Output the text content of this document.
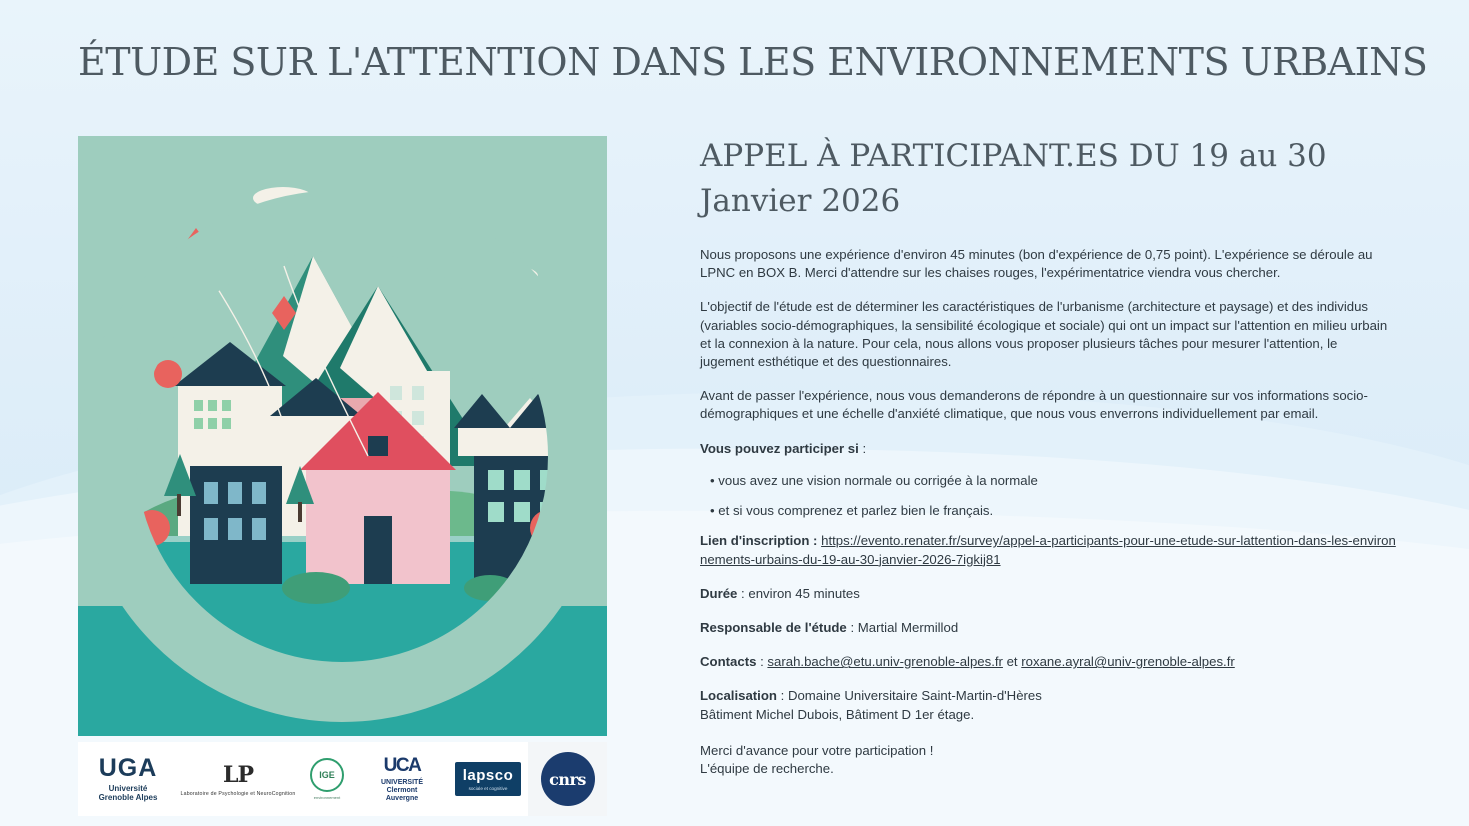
ÉTUDE SUR L'ATTENTION DANS LES ENVIRONNEMENTS URBAINS
UGA
Université
Grenoble Alpes
LP
Laboratoire de Psychologie et NeuroCognition
IGE
environnement
UCA
UNIVERSITÉ
Clermont
Auvergne
lapsco
sociale et cognitive	cnrs
APPEL À PARTICIPANT.ES DU 19 au 30 Janvier 2026

Nous proposons une expérience d'environ 45 minutes (bon d'expérience de 0,75 point). L'expérience se déroule au LPNC en BOX B. Merci d'attendre sur les chaises rouges, l'expérimentatrice viendra vous chercher.

L'objectif de l'étude est de déterminer les caractéristiques de l'urbanisme (architecture et paysage) et des individus (variables socio-démographiques, la sensibilité écologique et sociale) qui ont un impact sur l'attention en milieu urbain et la connexion à la nature. Pour cela, nous allons vous proposer plusieurs tâches pour mesurer l'attention, le jugement esthétique et des questionnaires.

Avant de passer l'expérience, nous vous demanderons de répondre à un questionnaire sur vos informations socio-démographiques et une échelle d'anxiété climatique, que nous vous enverrons individuellement par email.

Vous pouvez participer si :

• vous avez une vision normale ou corrigée à la normale
• et si vous comprenez et parlez bien le français.

Lien d'inscription : https://evento.renater.fr/survey/appel-a-participants-pour-une-etude-sur-lattention-dans-les-environnements-urbains-du-19-au-30-janvier-2026-7igkij81

Durée : environ 45 minutes

Responsable de l'étude : Martial Mermillod

Contacts : sarah.bache@etu.univ-grenoble-alpes.fr et roxane.ayral@univ-grenoble-alpes.fr

Localisation : Domaine Universitaire Saint-Martin-d'Hères
Bâtiment Michel Dubois, Bâtiment D 1er étage.

Merci d'avance pour votre participation !
L'équipe de recherche.
